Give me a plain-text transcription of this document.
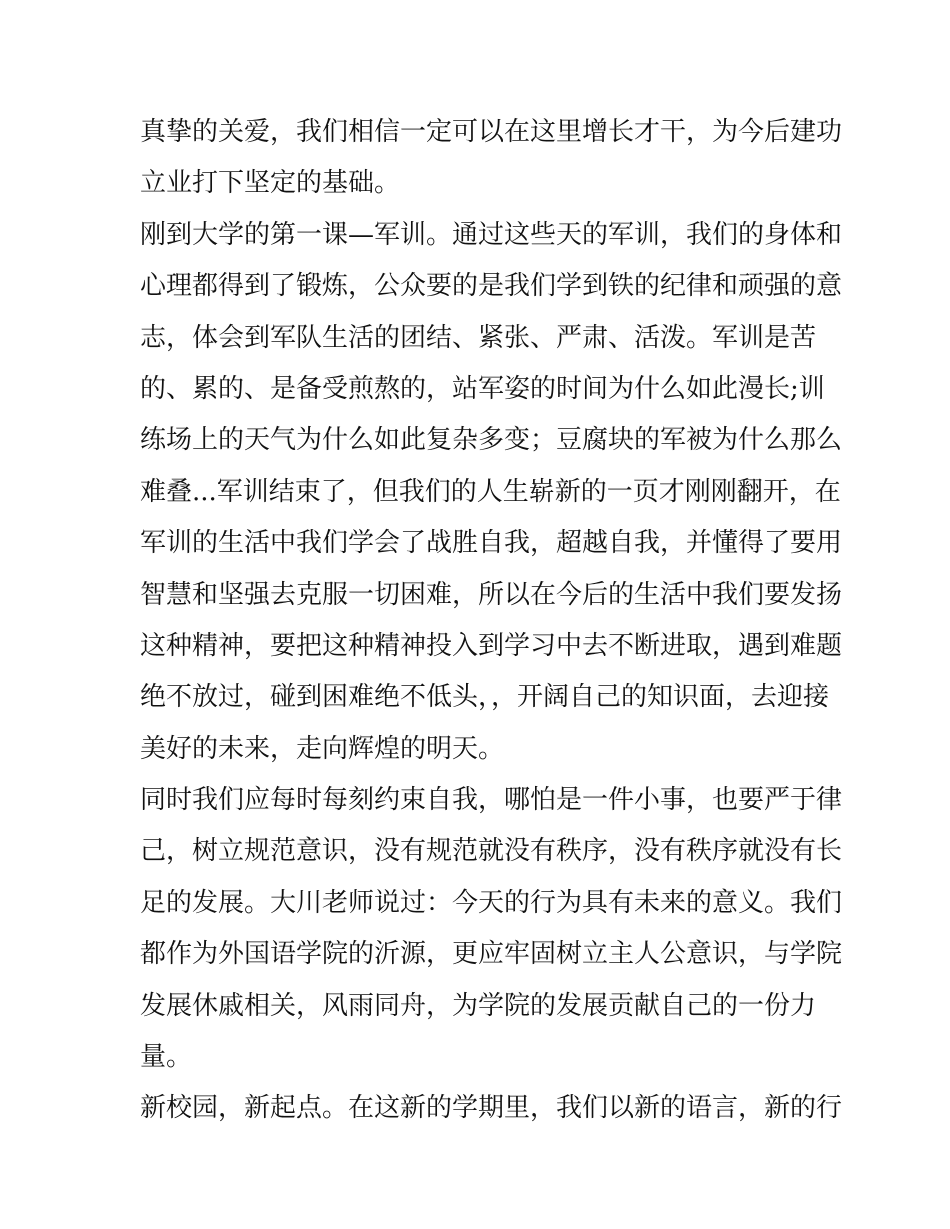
真挚的关爱，我们相信一定可以在这里增长才干，为今后建功
立业打下坚定的基础。
刚到大学的第一课—军训。通过这些天的军训，我们的身体和
心理都得到了锻炼，公众要的是我们学到铁的纪律和顽强的意
志，体会到军队生活的团结、紧张、严肃、活泼。军训是苦
的、累的、是备受煎熬的，站军姿的时间为什么如此漫长;训
练场上的天气为什么如此复杂多变；豆腐块的军被为什么那么
难叠...军训结束了，但我们的人生崭新的一页才刚刚翻开，在
军训的生活中我们学会了战胜自我，超越自我，并懂得了要用
智慧和坚强去克服一切困难，所以在今后的生活中我们要发扬
这种精神，要把这种精神投入到学习中去不断进取，遇到难题
绝不放过，碰到困难绝不低头，，开阔自己的知识面，去迎接
美好的未来，走向辉煌的明天。
同时我们应每时每刻约束自我，哪怕是一件小事，也要严于律
己，树立规范意识，没有规范就没有秩序，没有秩序就没有长
足的发展。大川老师说过：今天的行为具有未来的意义。我们
都作为外国语学院的沂源，更应牢固树立主人公意识，与学院
发展休戚相关，风雨同舟，为学院的发展贡献自己的一份力
量。
新校园，新起点。在这新的学期里，我们以新的语言，新的行
